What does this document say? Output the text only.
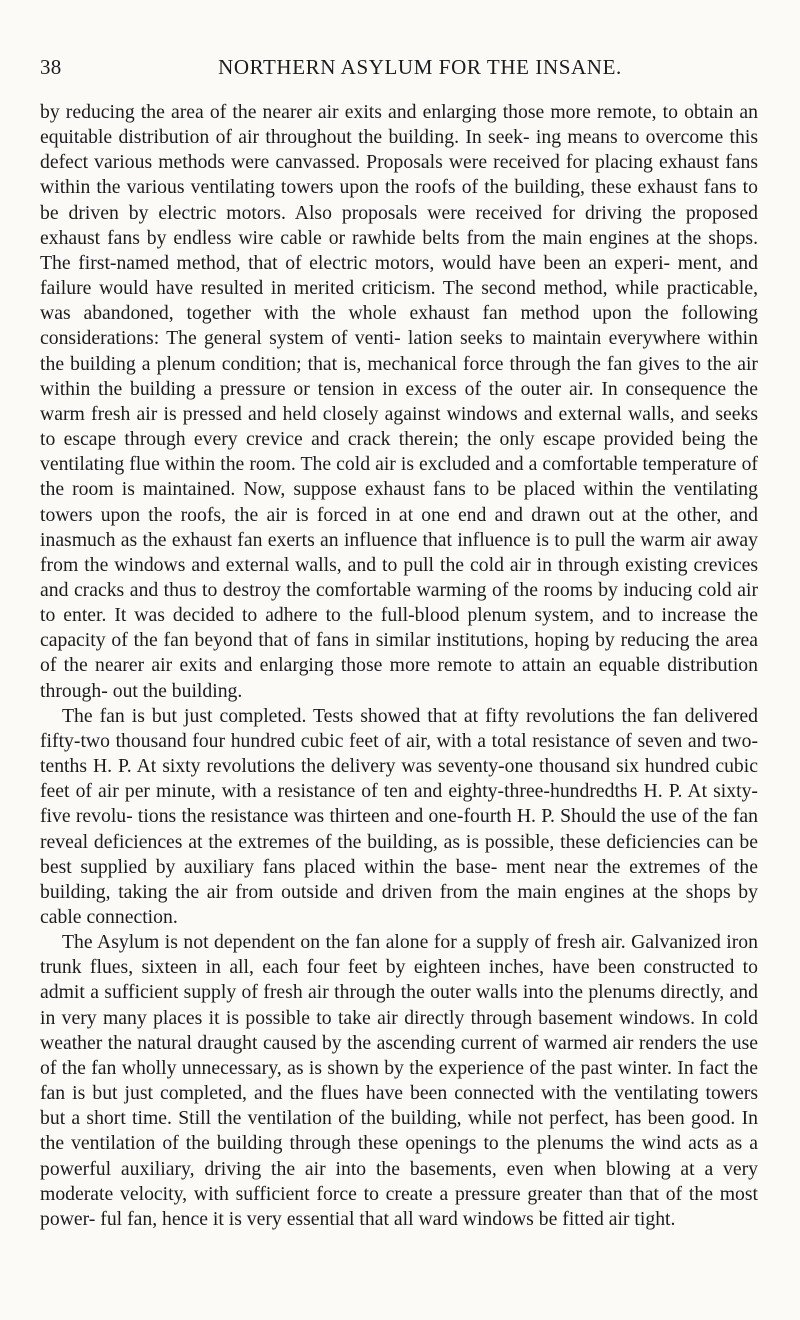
38	NORTHERN ASYLUM FOR THE INSANE.

by reducing the area of the nearer air exits and enlarging those more remote, to obtain an equitable distribution of air throughout the building. In seek- ing means to overcome this defect various methods were canvassed. Proposals were received for placing exhaust fans within the various ventilating towers upon the roofs of the building, these exhaust fans to be driven by electric motors. Also proposals were received for driving the proposed exhaust fans by endless wire cable or rawhide belts from the main engines at the shops. The first-named method, that of electric motors, would have been an experi- ment, and failure would have resulted in merited criticism. The second method, while practicable, was abandoned, together with the whole exhaust fan method upon the following considerations: The general system of venti- lation seeks to maintain everywhere within the building a plenum condition; that is, mechanical force through the fan gives to the air within the building a pressure or tension in excess of the outer air. In consequence the warm fresh air is pressed and held closely against windows and external walls, and seeks to escape through every crevice and crack therein; the only escape provided being the ventilating flue within the room. The cold air is excluded and a comfortable temperature of the room is maintained. Now, suppose exhaust fans to be placed within the ventilating towers upon the roofs, the air is forced in at one end and drawn out at the other, and inasmuch as the exhaust fan exerts an influence that influence is to pull the warm air away from the windows and external walls, and to pull the cold air in through existing crevices and cracks and thus to destroy the comfortable warming of the rooms by inducing cold air to enter. It was decided to adhere to the full-blood plenum system, and to increase the capacity of the fan beyond that of fans in similar institutions, hoping by reducing the area of the nearer air exits and enlarging those more remote to attain an equable distribution through- out the building.

The fan is but just completed. Tests showed that at fifty revolutions the fan delivered fifty-two thousand four hundred cubic feet of air, with a total resistance of seven and two-tenths H. P. At sixty revolutions the delivery was seventy-one thousand six hundred cubic feet of air per minute, with a resistance of ten and eighty-three-hundredths H. P. At sixty-five revolu- tions the resistance was thirteen and one-fourth H. P. Should the use of the fan reveal deficiences at the extremes of the building, as is possible, these deficiencies can be best supplied by auxiliary fans placed within the base- ment near the extremes of the building, taking the air from outside and driven from the main engines at the shops by cable connection.

The Asylum is not dependent on the fan alone for a supply of fresh air. Galvanized iron trunk flues, sixteen in all, each four feet by eighteen inches, have been constructed to admit a sufficient supply of fresh air through the outer walls into the plenums directly, and in very many places it is possible to take air directly through basement windows. In cold weather the natural draught caused by the ascending current of warmed air renders the use of the fan wholly unnecessary, as is shown by the experience of the past winter. In fact the fan is but just completed, and the flues have been connected with the ventilating towers but a short time. Still the ventilation of the building, while not perfect, has been good. In the ventilation of the building through these openings to the plenums the wind acts as a powerful auxiliary, driving the air into the basements, even when blowing at a very moderate velocity, with sufficient force to create a pressure greater than that of the most power- ful fan, hence it is very essential that all ward windows be fitted air tight.
